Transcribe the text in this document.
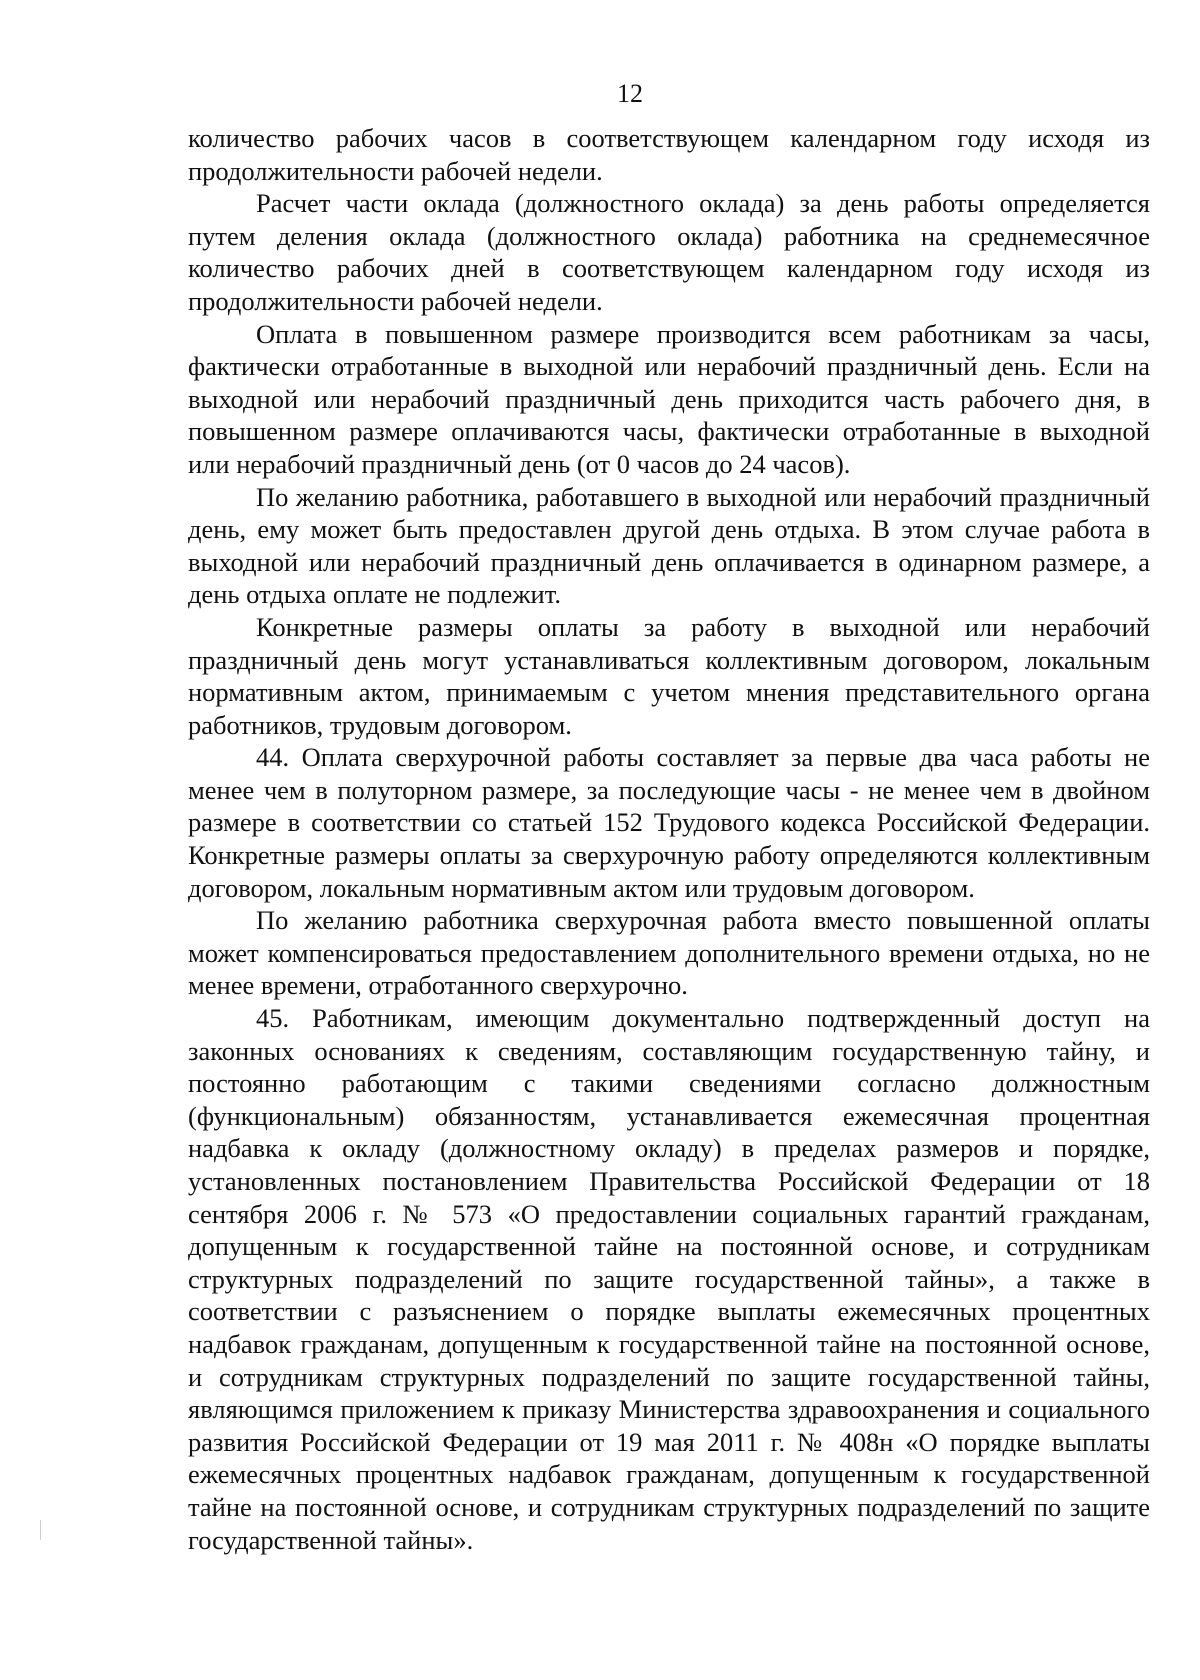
12

количество рабочих часов в соответствующем календарном году исходя из продолжительности рабочей недели.

Расчет части оклада (должностного оклада) за день работы определяется путем деления оклада (должностного оклада) работника на среднемесячное количество рабочих дней в соответствующем календарном году исходя из продолжительности рабочей недели.

Оплата в повышенном размере производится всем работникам за часы, фактически отработанные в выходной или нерабочий праздничный день. Если на выходной или нерабочий праздничный день приходится часть рабочего дня, в повышенном размере оплачиваются часы, фактически отработанные в выходной или нерабочий праздничный день (от 0 часов до 24 часов).

По желанию работника, работавшего в выходной или нерабочий праздничный день, ему может быть предоставлен другой день отдыха. В этом случае работа в выходной или нерабочий праздничный день оплачивается в одинарном размере, а день отдыха оплате не подлежит.

Конкретные размеры оплаты за работу в выходной или нерабочий праздничный день могут устанавливаться коллективным договором, локальным нормативным актом, принимаемым с учетом мнения представительного органа работников, трудовым договором.

44. Оплата сверхурочной работы составляет за первые два часа работы не менее чем в полуторном размере, за последующие часы - не менее чем в двойном размере в соответствии со статьей 152 Трудового кодекса Российской Федерации. Конкретные размеры оплаты за сверхурочную работу определяются коллективным договором, локальным нормативным актом или трудовым договором.

По желанию работника сверхурочная работа вместо повышенной оплаты может компенсироваться предоставлением дополнительного времени отдыха, но не менее времени, отработанного сверхурочно.

45. Работникам, имеющим документально подтвержденный доступ на законных основаниях к сведениям, составляющим государственную тайну, и постоянно работающим с такими сведениями согласно должностным (функциональным) обязанностям, устанавливается ежемесячная процентная надбавка к окладу (должностному окладу) в пределах размеров и порядке, установленных постановлением Правительства Российской Федерации от 18 сентября 2006 г. № 573 «О предоставлении социальных гарантий гражданам, допущенным к государственной тайне на постоянной основе, и сотрудникам структурных подразделений по защите государственной тайны», а также в соответствии с разъяснением о порядке выплаты ежемесячных процентных надбавок гражданам, допущенным к государственной тайне на постоянной основе, и сотрудникам структурных подразделений по защите государственной тайны, являющимся приложением к приказу Министерства здравоохранения и социального развития Российской Федерации от 19 мая 2011 г. № 408н «О порядке выплаты ежемесячных процентных надбавок гражданам, допущенным к государственной тайне на постоянной основе, и сотрудникам структурных подразделений по защите государственной тайны».
